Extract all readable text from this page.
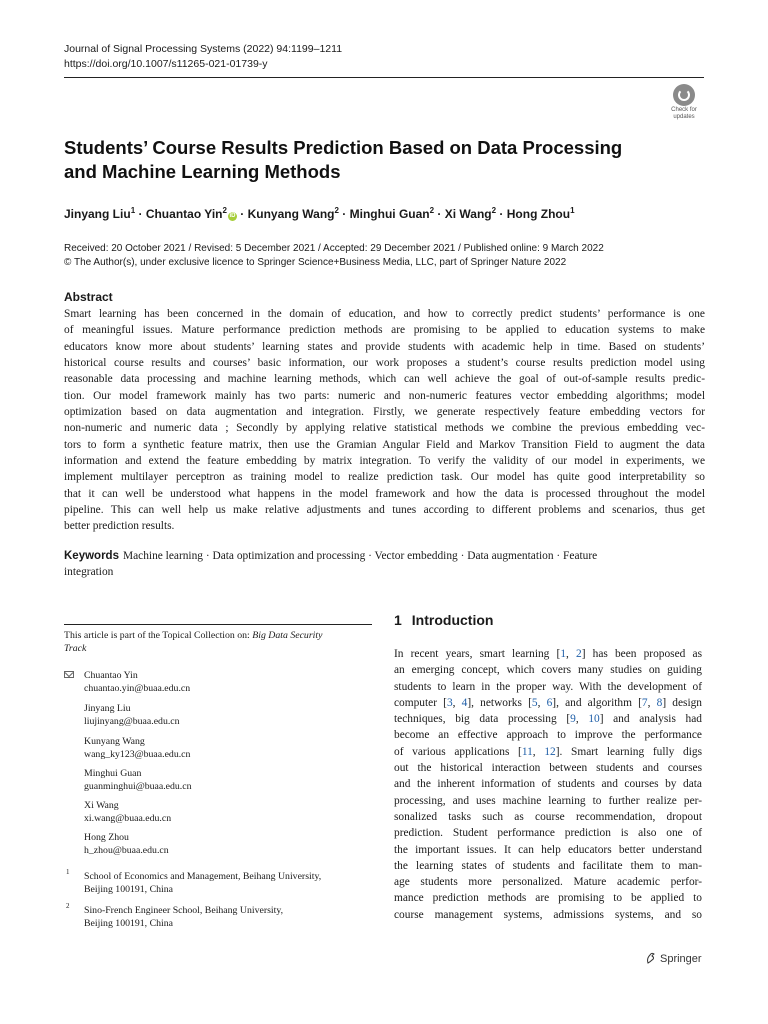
Journal of Signal Processing Systems (2022) 94:1199–1211
https://doi.org/10.1007/s11265-021-01739-y
Check for
updates
Students’ Course Results Prediction Based on Data Processing
and Machine Learning Methods
Jinyang Liu$^1$ · Chuantao Yin$^2$iD · Kunyang Wang$^2$ · Minghui Guan$^2$ · Xi Wang$^2$ · Hong Zhou$^1$
Received: 20 October 2021 / Revised: 5 December 2021 / Accepted: 29 December 2021 / Published online: 9 March 2022
© The Author(s), under exclusive licence to Springer Science+Business Media, LLC, part of Springer Nature 2022
Abstract
Smart learning has been concerned in the domain of education, and how to correctly predict students’ performance is one
of meaningful issues. Mature performance prediction methods are promising to be applied to education systems to make
educators know more about students’ learning states and provide students with academic help in time. Based on students’
historical course results and courses’ basic information, our work proposes a student’s course results prediction model using
reasonable data processing and machine learning methods, which can well achieve the goal of out-of-sample results predic-
tion. Our model framework mainly has two parts: numeric and non-numeric features vector embedding algorithms; model
optimization based on data augmentation and integration. Firstly, we generate respectively feature embedding vectors for
non-numeric and numeric data ; Secondly by applying relative statistical methods we combine the previous embedding vec-
tors to form a synthetic feature matrix, then use the Gramian Angular Field and Markov Transition Field to augment the data
information and extend the feature embedding by matrix integration. To verify the validity of our model in experiments, we
implement multilayer perceptron as training model to realize prediction task. Our model has quite good interpretability so
that it can well be understood what happens in the model framework and how the data is processed throughout the model
pipeline. This can well help us make relative adjustments and tunes according to different problems and scenarios, thus get
better prediction results.
Keywords Machine learning · Data optimization and processing · Vector embedding · Data augmentation · Feature
integration
This article is part of the Topical Collection on: Big Data Security
Track
Chuantao Yin
chuantao.yin@buaa.edu.cn
Jinyang Liu
liujinyang@buaa.edu.cn
Kunyang Wang
wang_ky123@buaa.edu.cn
Minghui Guan
guanminghui@buaa.edu.cn
Xi Wang
xi.wang@buaa.edu.cn
Hong Zhou
h_zhou@buaa.edu.cn
1 School of Economics and Management, Beihang University,
Beijing 100191, China
2 Sino-French Engineer School, Beihang University,
Beijing 100191, China
1 Introduction
In recent years, smart learning [1, 2] has been proposed as
an emerging concept, which covers many studies on guiding
students to learn in the proper way. With the development of
computer [3, 4], networks [5, 6], and algorithm [7, 8] design
techniques, big data processing [9, 10] and analysis had
become an effective approach to improve the performance
of various applications [11, 12]. Smart learning fully digs
out the historical interaction between students and courses
and the inherent information of students and courses by data
processing, and uses machine learning to further realize per-
sonalized tasks such as course recommendation, dropout
prediction. Student performance prediction is also one of
the important issues. It can help educators better understand
the learning states of students and facilitate them to man-
age students more personalized. Mature academic perfor-
mance prediction methods are promising to be applied to
course management systems, admissions systems, and so
Springer
